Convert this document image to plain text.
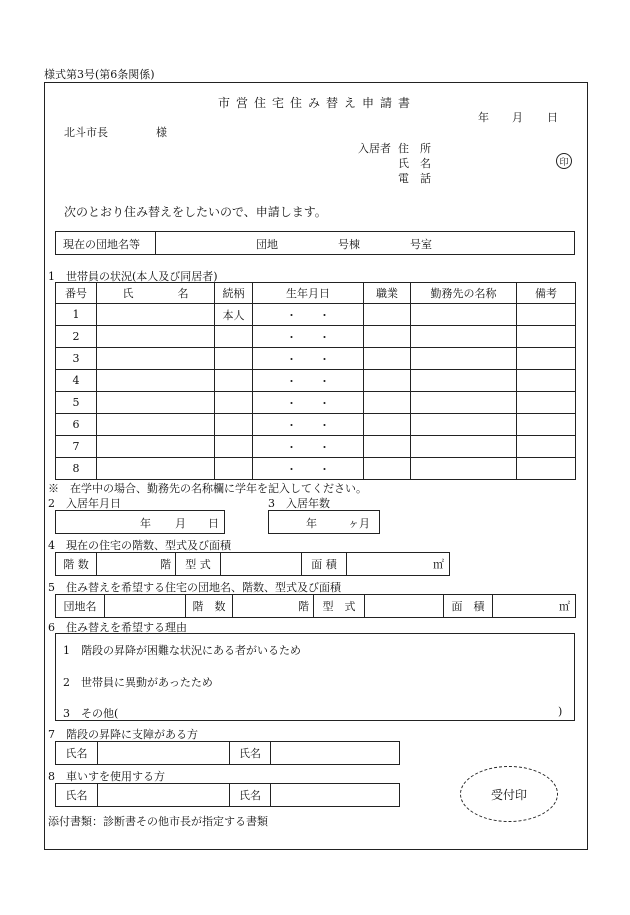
様式第3号(第6条関係)
市営住宅住み替え申請書
年 月 日
北斗市長	様
入居者 住　所
氏　名
電　話
印
次のとおり住み替えをしたいので、申請します。
現在の団地名等	団地	号棟	号室
1　世帯員の状況(本人及び同居者)
番号	氏　　　　名	続柄	生年月日	職業	勤務先の名称	備考
1		本人	・　　・			
2			・　　・			
3			・　　・			
4			・　　・			
5			・　　・			
6			・　　・			
7			・　　・			
8			・　　・			
※　在学中の場合、勤務先の名称欄に学年を記入してください。
2　入居年月日	3　入居年数
年 月 日	年	ヶ月
4　現在の住宅の階数、型式及び面積
階 数	階 型 式	面 積	㎡
5　住み替えを希望する住宅の団地名、階数、型式及び面積
団地名	階　数	階 型　式	面　積	㎡
6　住み替えを希望する理由
1　階段の昇降が困難な状況にある者がいるため
2　世帯員に異動があったため
3　その他(	)
7　階段の昇降に支障がある方
氏名	氏名
8　車いすを使用する方
氏名	氏名	受付印
添付書類：診断書その他市長が指定する書類
